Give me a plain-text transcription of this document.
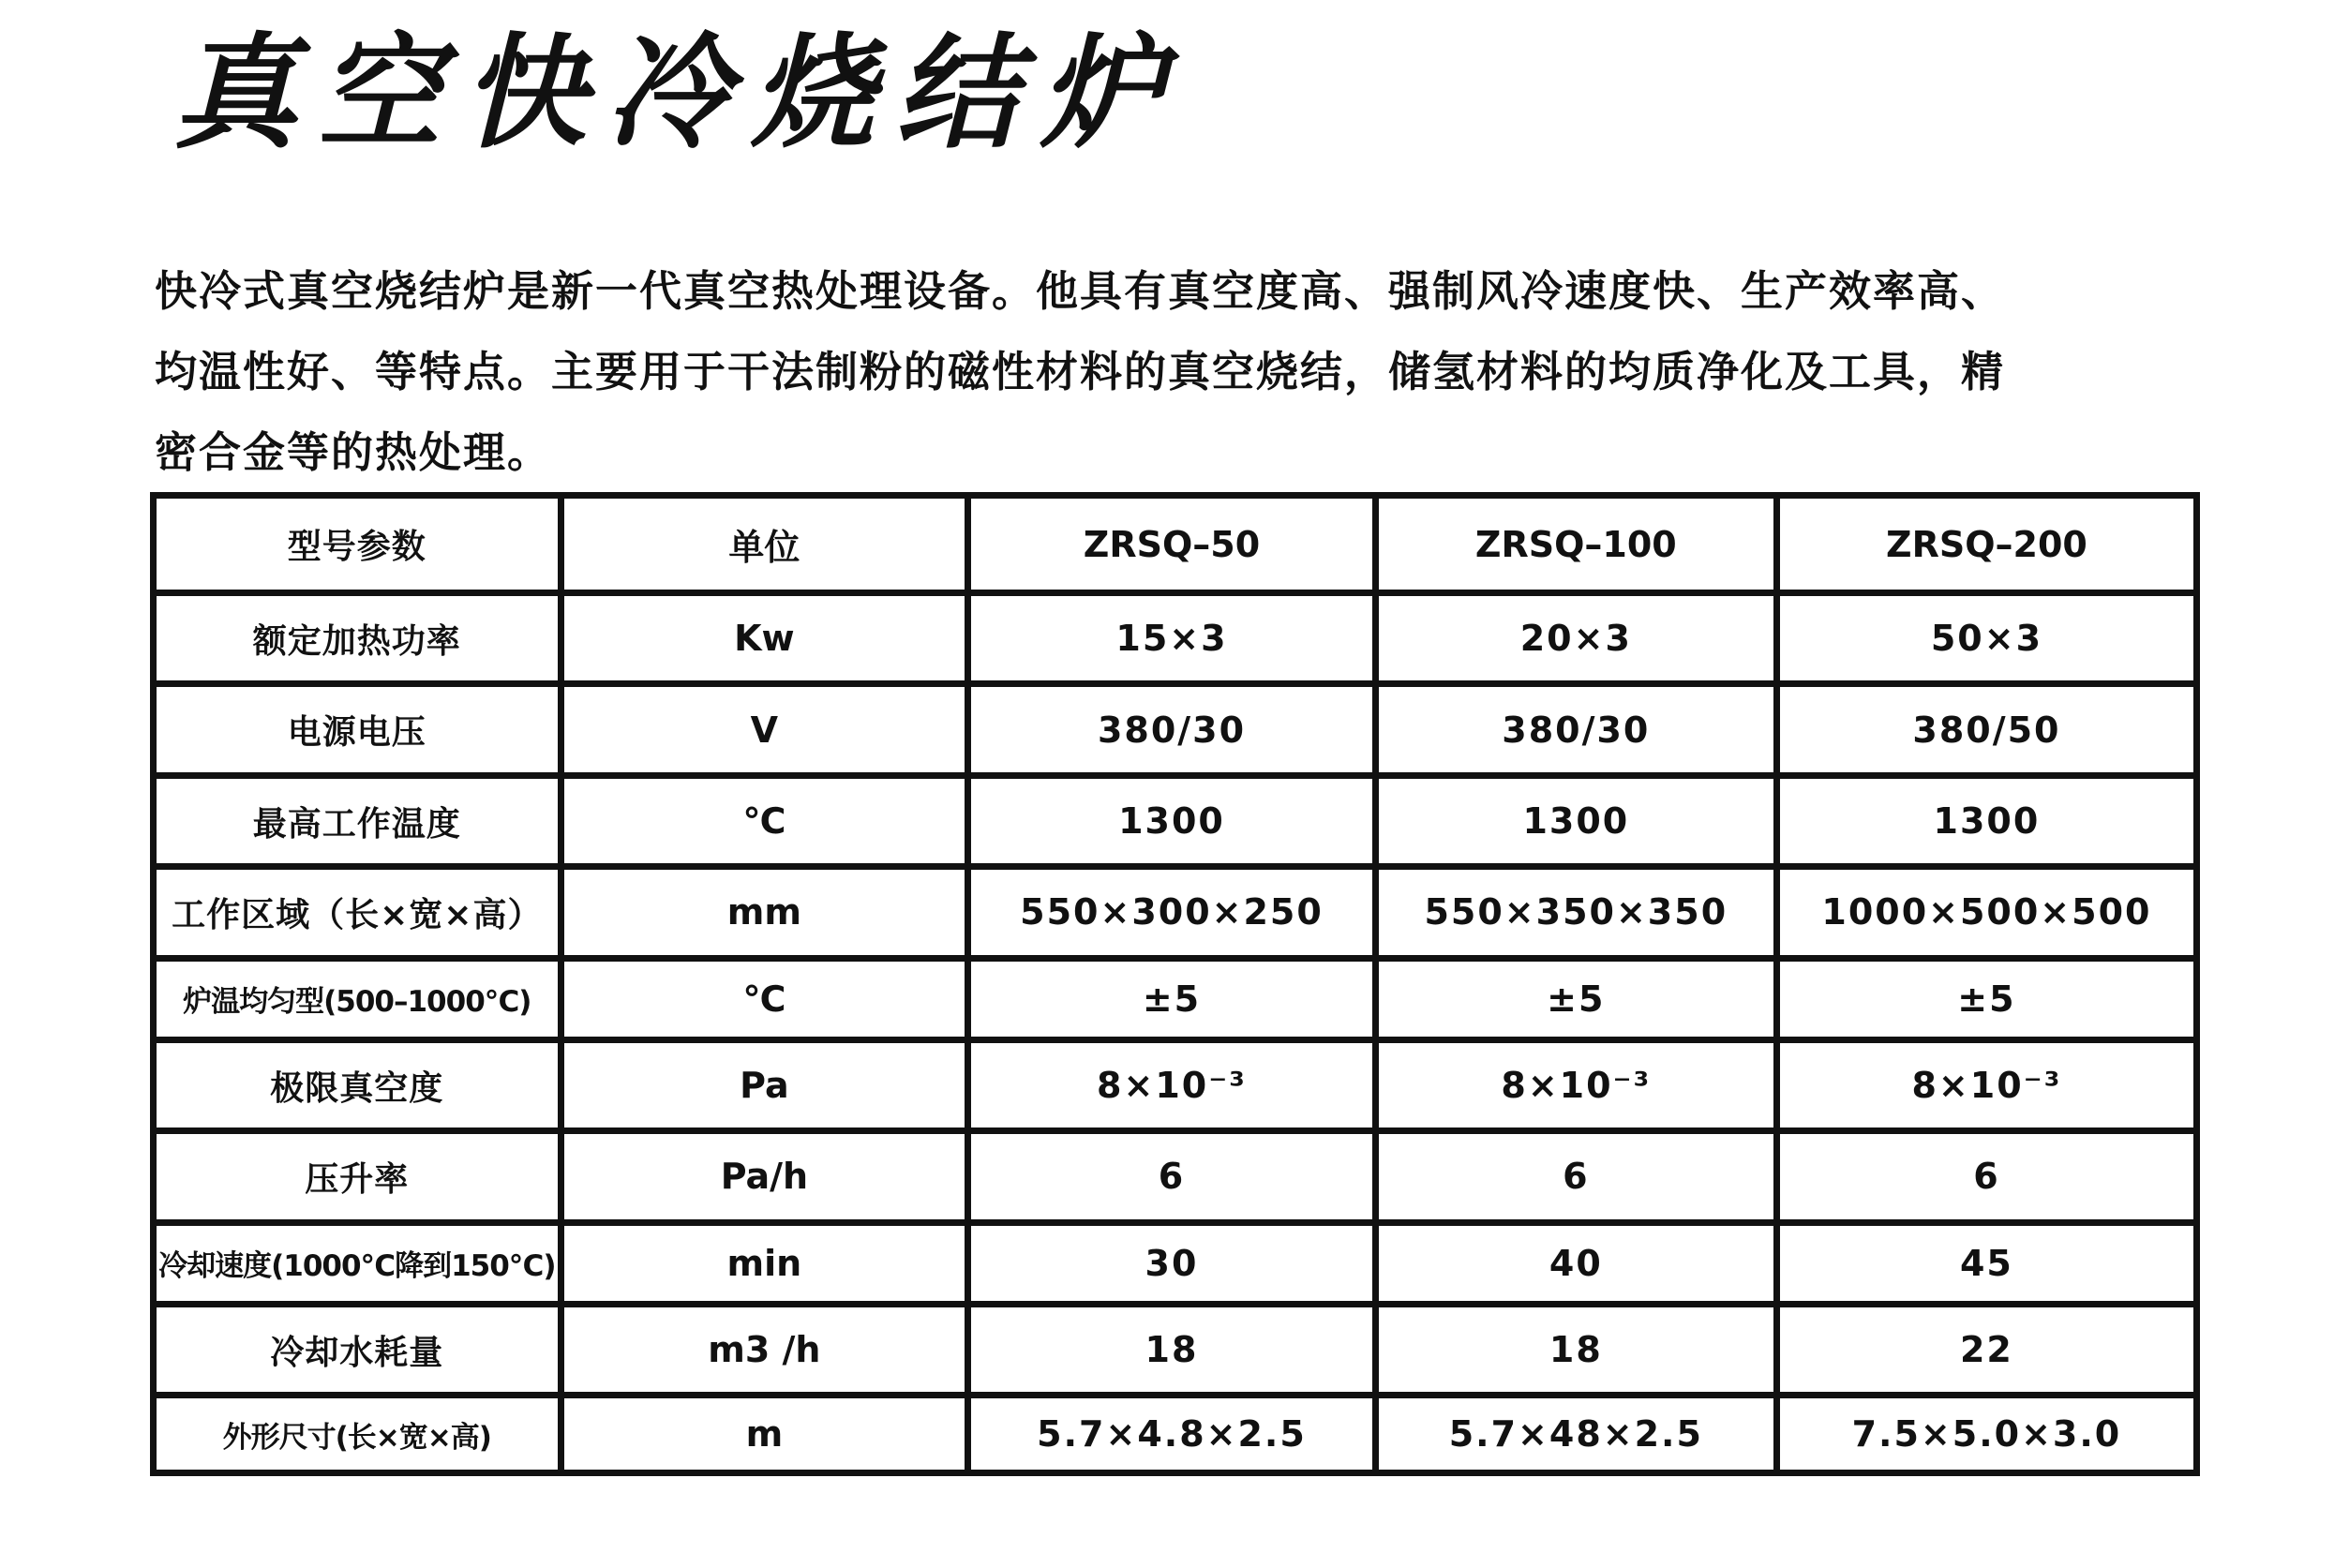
真空快冷烧结炉

快冷式真空烧结炉是新一代真空热处理设备。他具有真空度高、强制风冷速度快、生产效率高、

均温性好、等特点。主要用于干法制粉的磁性材料的真空烧结，储氢材料的均质净化及工具，精

密合金等的热处理。

型号参数	单位	ZRSQ–50	ZRSQ–100	ZRSQ–200
额定加热功率	Kw	15×3	20×3	50×3
电源电压	V	380/30	380/30	380/50
最高工作温度	℃	1300	1300	1300
工作区域（长×宽×高）	mm	550×300×250	550×350×350	1000×500×500
炉温均匀型(500–1000℃)	℃	±5	±5	±5
极限真空度	Pa	8×10⁻³	8×10⁻³	8×10⁻³
压升率	Pa/h	6	6	6
冷却速度(1000℃降到150℃)	min	30	40	45
冷却水耗量	m3 /h	18	18	22
外形尺寸(长×宽×高)	m	5.7×4.8×2.5	5.7×48×2.5	7.5×5.0×3.0
